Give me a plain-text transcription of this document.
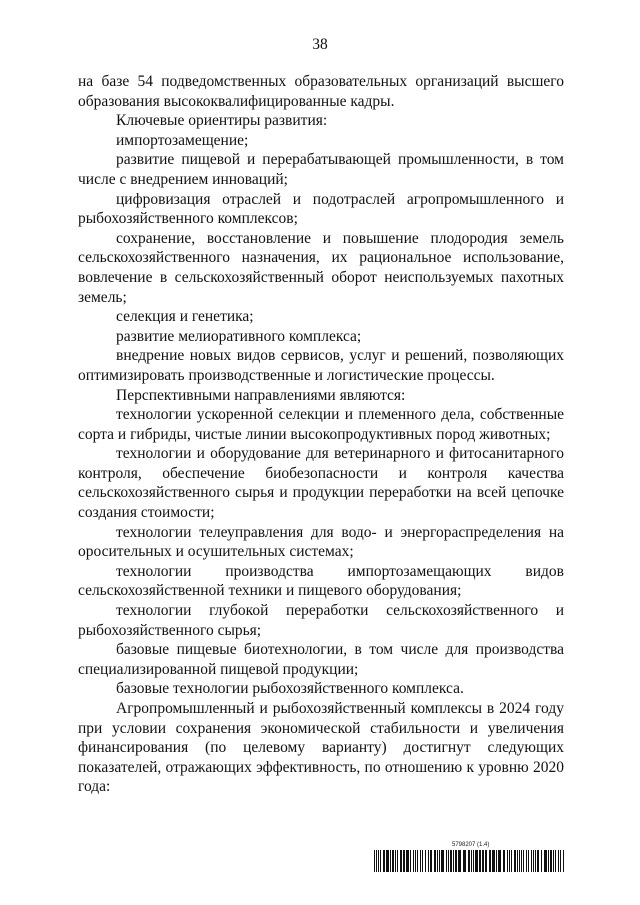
38

на базе 54 подведомственных образовательных организаций высшего образования высококвалифицированные кадры.

Ключевые ориентиры развития:

импортозамещение;

развитие пищевой и перерабатывающей промышленности, в том числе с внедрением инноваций;

цифровизация отраслей и подотраслей агропромышленного и рыбохозяйственного комплексов;

сохранение, восстановление и повышение плодородия земель сельскохозяйственного назначения, их рациональное использование, вовлечение в сельскохозяйственный оборот неиспользуемых пахотных земель;

селекция и генетика;

развитие мелиоративного комплекса;

внедрение новых видов сервисов, услуг и решений, позволяющих оптимизировать производственные и логистические процессы.

Перспективными направлениями являются:

технологии ускоренной селекции и племенного дела, собственные сорта и гибриды, чистые линии высокопродуктивных пород животных;

технологии и оборудование для ветеринарного и фитосанитарного контроля, обеспечение биобезопасности и контроля качества сельскохозяйственного сырья и продукции переработки на всей цепочке создания стоимости;

технологии телеуправления для водо- и энергораспределения на оросительных и осушительных системах;

технологии производства импортозамещающих видов сельскохозяйственной техники и пищевого оборудования;

технологии глубокой переработки сельскохозяйственного и рыбохозяйственного сырья;

базовые пищевые биотехнологии, в том числе для производства специализированной пищевой продукции;

базовые технологии рыбохозяйственного комплекса.

Агропромышленный и рыбохозяйственный комплексы в 2024 году при условии сохранения экономической стабильности и увеличения финансирования (по целевому варианту) достигнут следующих показателей, отражающих эффективность, по отношению к уровню 2020 года:

5798207 (1.4)
